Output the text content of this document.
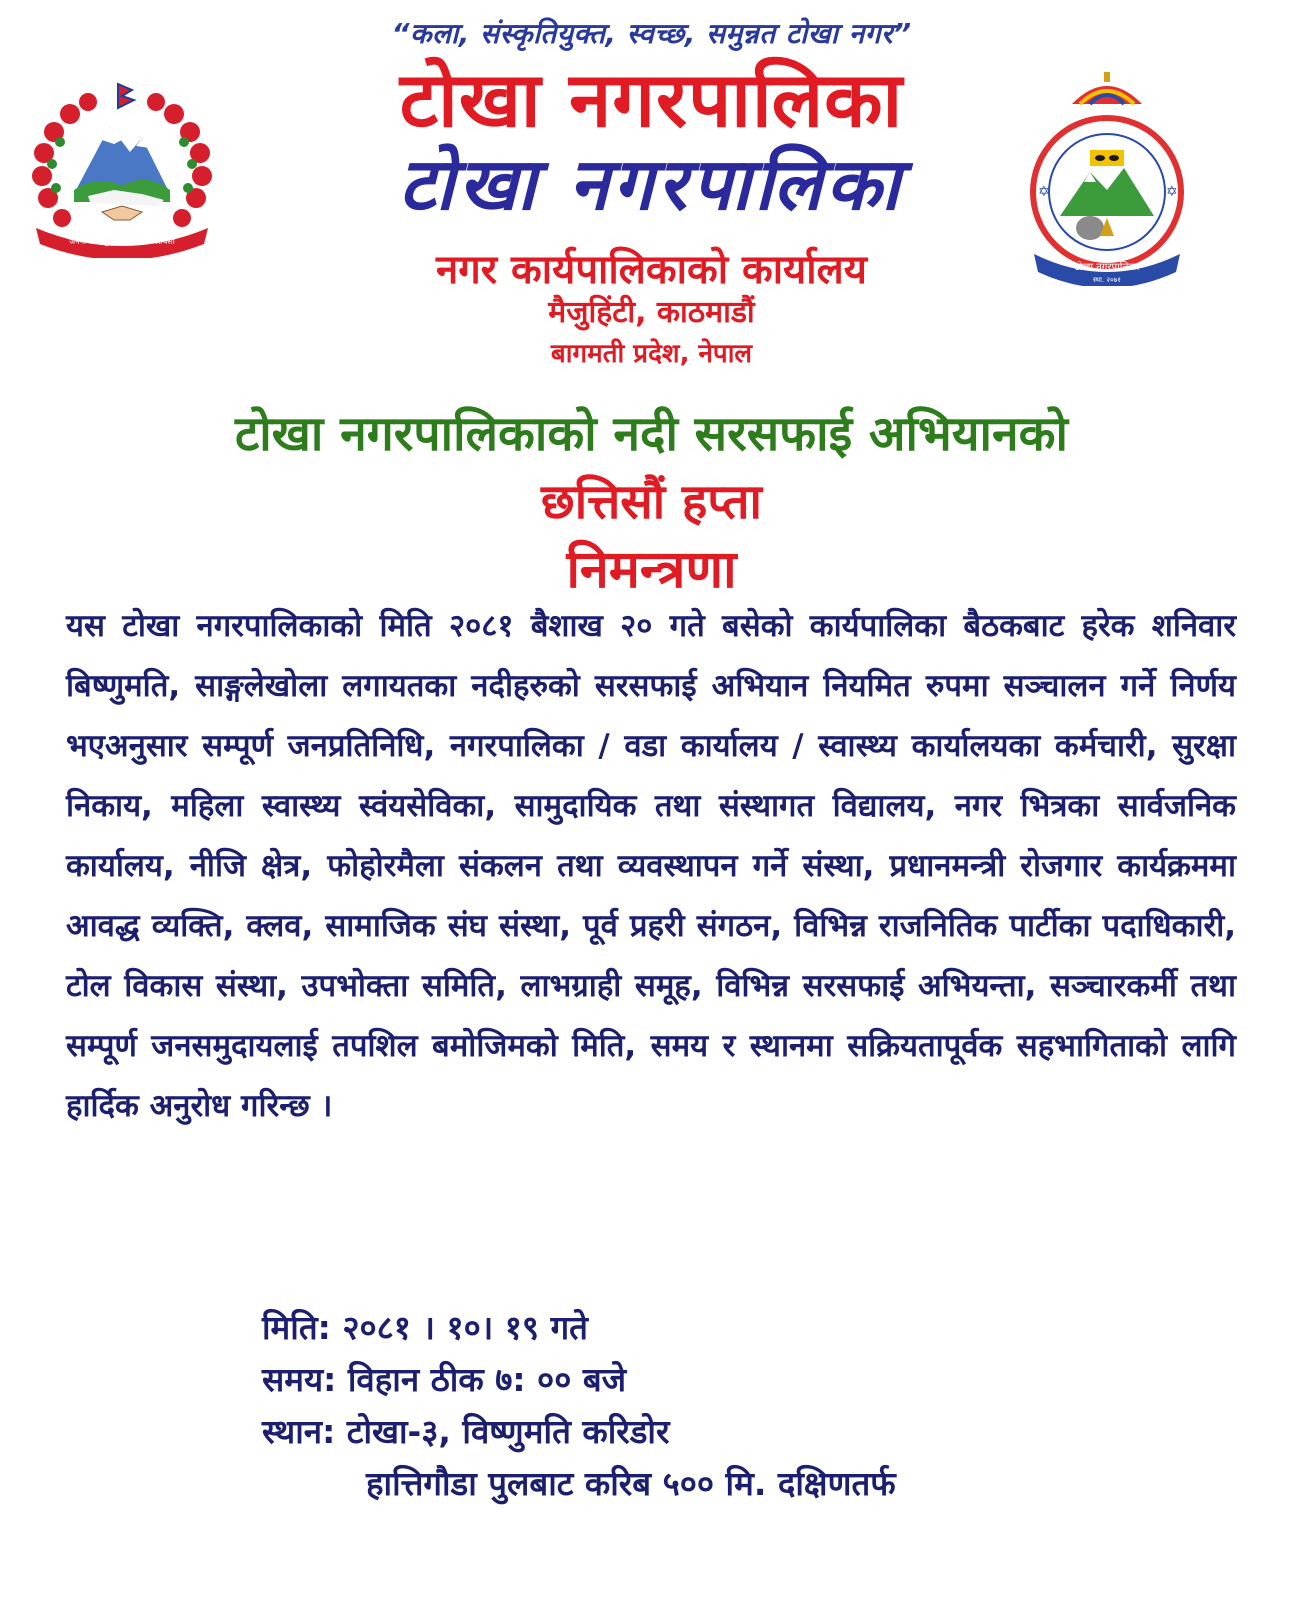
“कला, संस्कृतियुक्त, स्वच्छ, समुन्नत टोखा नगर”
जननी जन्मभूमिश्च स्वर्गादपि गरीयसी
टोखा नगरपालिका
टोखा नगरपालिका
नगर कार्यपालिकाको कार्यालय
मैजुहिंटी, काठमाडौं
बागमती प्रदेश, नेपाल
✡	✡
टोखा नगरपालिका
स्था. २०७१
टोखा नगरपालिकाको नदी सरसफाई अभियानको
छत्तिसौं हप्ता
निमन्त्रणा
यस टोखा नगरपालिकाको मिति २०८१ बैशाख २० गते बसेको कार्यपालिका बैठकबाट हरेक शनिवार बिष्णुमति, साङ्गलेखोला लगायतका नदीहरुको सरसफाई अभियान नियमित रुपमा सञ्चालन गर्ने निर्णय भएअनुसार सम्पूर्ण जनप्रतिनिधि, नगरपालिका / वडा कार्यालय / स्वास्थ्य कार्यालयका कर्मचारी, सुरक्षा निकाय, महिला स्वास्थ्य स्वंयसेविका, सामुदायिक तथा संस्थागत विद्यालय, नगर भित्रका सार्वजनिक कार्यालय, नीजि क्षेत्र, फोहोरमैला संकलन तथा व्यवस्थापन गर्ने संस्था, प्रधानमन्त्री रोजगार कार्यक्रममा आवद्ध व्यक्ति, क्लव, सामाजिक संघ संस्था, पूर्व प्रहरी संगठन, विभिन्न राजनितिक पार्टीका पदाधिकारी, टोल विकास संस्था, उपभोक्ता समिति, लाभग्राही समूह, विभिन्न सरसफाई अभियन्ता, सञ्चारकर्मी तथा सम्पूर्ण जनसमुदायलाई तपशिल बमोजिमको मिति, समय र स्थानमा सक्रियतापूर्वक सहभागिताको लागि हार्दिक अनुरोध गरिन्छ ।
मिति: २०८१ । १०। १९ गते
समय: विहान ठीक ७: ०० बजे
स्थान: टोखा-३, विष्णुमति करिडोर
हात्तिगौडा पुलबाट करिब ५०० मि. दक्षिणतर्फ
